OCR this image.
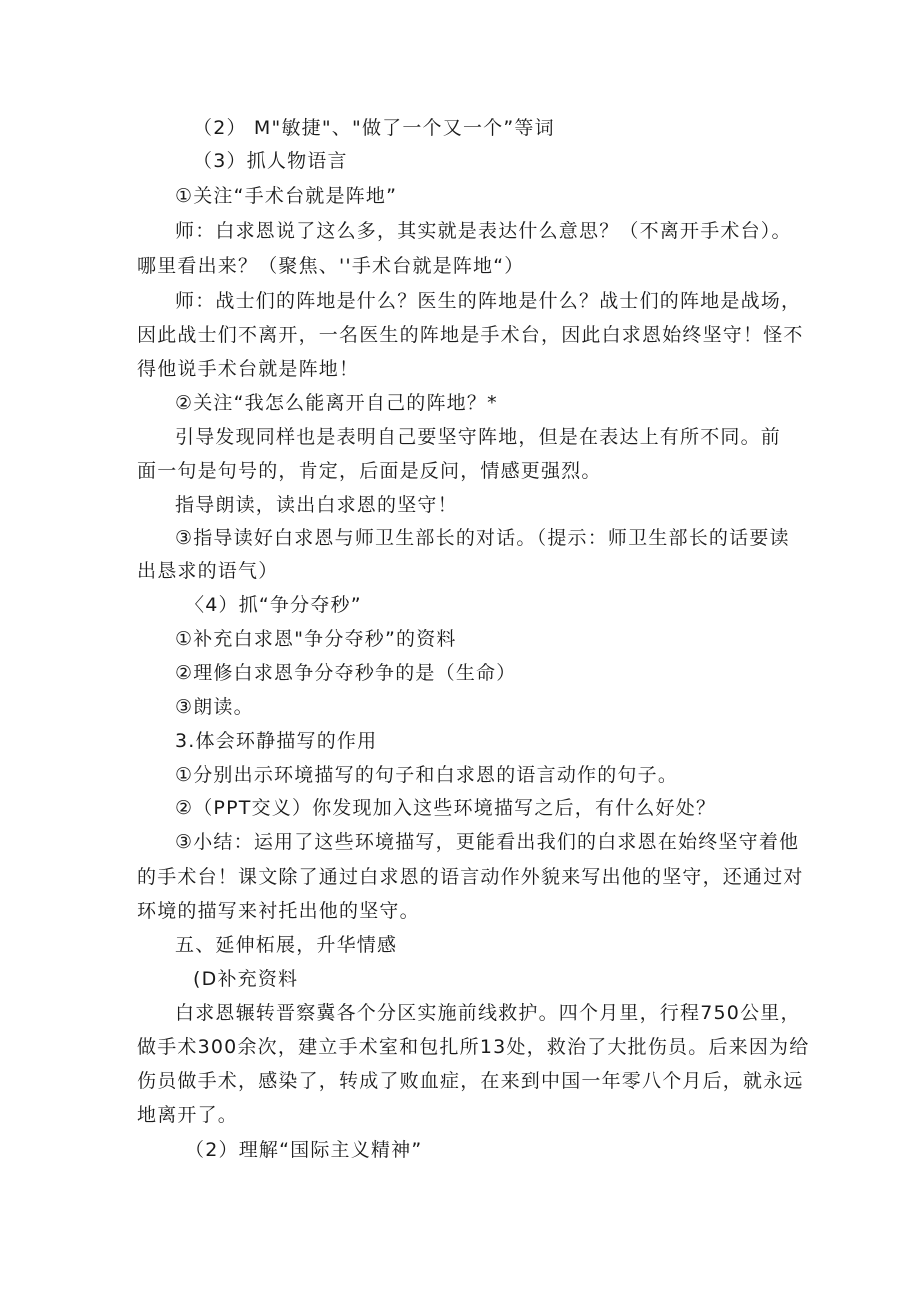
（2） M"敏捷"、"做了一个又一个”等词
（3）抓人物语言
①关注“手术台就是阵地”
师：白求恩说了这么多，其实就是表达什么意思？（不离开手术台）。
哪里看出来？（聚焦、''手术台就是阵地“）
师：战士们的阵地是什么？医生的阵地是什么？战士们的阵地是战场，
因此战士们不离开，一名医生的阵地是手术台，因此白求恩始终坚守！怪不
得他说手术台就是阵地！
②关注“我怎么能离开自己的阵地？*
引导发现同样也是表明自己要坚守阵地，但是在表达上有所不同。前
面一句是句号的，肯定，后面是反问，情感更强烈。
指导朗读，读出白求恩的坚守！
③指导读好白求恩与师卫生部长的对话。（提示：师卫生部长的话要读
出恳求的语气）
〈4）抓“争分夺秒”
①补充白求恩"争分夺秒”的资料
②理修白求恩争分夺秒争的是（生命）
③朗读。
3.体会环静描写的作用
①分别出示环境描写的句子和白求恩的语言动作的句子。
②（PPT交义）你发现加入这些环境描写之后，有什么好处？
③小结：运用了这些环境描写，更能看出我们的白求恩在始终坚守着他
的手术台！课文除了通过白求恩的语言动作外貌来写出他的坚守，还通过对
环境的描写来衬托出他的坚守。
五、延伸柘展，升华情感
(D补充资料
白求恩辗转晋察冀各个分区实施前线救护。四个月里，行程750公里，
做手术300余次，建立手术室和包扎所13处，救治了大批伤员。后来因为给
伤员做手术，感染了，转成了败血症，在来到中国一年零八个月后，就永远
地离开了。
（2）理解“国际主义精神”
